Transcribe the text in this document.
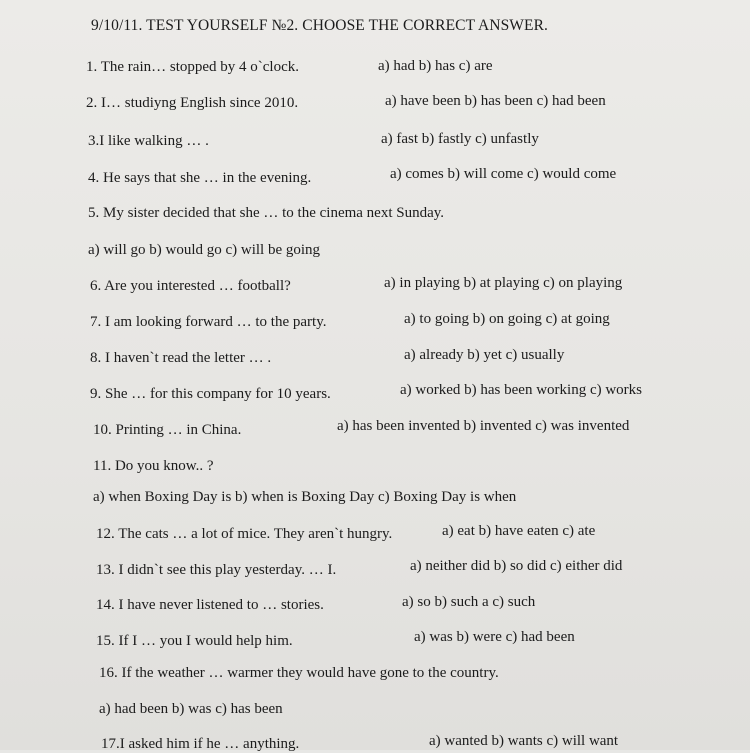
9/10/11. TEST YOURSELF №2. CHOOSE THE CORRECT ANSWER.
1. The rain… stopped by 4 o`clock.	a) had b) has c) are
2. I… studiyng English since 2010.	a) have been b) has been c) had been
3.I like walking … .	a) fast b) fastly c) unfastly
4. He says that she … in the evening.	a) comes b) will come c) would come
5. My sister decided that she … to the cinema next Sunday.
a) will go b) would go c) will be going
6. Are you interested … football?	a) in playing b) at playing c) on playing
7. I am looking forward … to the party.	a) to going b) on going c) at going
8. I haven`t read the letter … .	a) already b) yet c) usually
9. She … for this company for 10 years.	a) worked b) has been working c) works
10. Printing … in China.	a) has been invented b) invented c) was invented
11. Do you know.. ?
a) when Boxing Day is b) when is Boxing Day c) Boxing Day is when
12. The cats … a lot of mice. They aren`t hungry.	a) eat b) have eaten c) ate
13. I didn`t see this play yesterday. … I.	a) neither did b) so did c) either did
14. I have never listened to … stories.	a) so b) such a c) such
15. If I … you I would help him.	a) was b) were c) had been
16. If the weather … warmer they would have gone to the country.
a) had been b) was c) has been
17.I asked him if he … anything.	a) wanted b) wants c) will want
